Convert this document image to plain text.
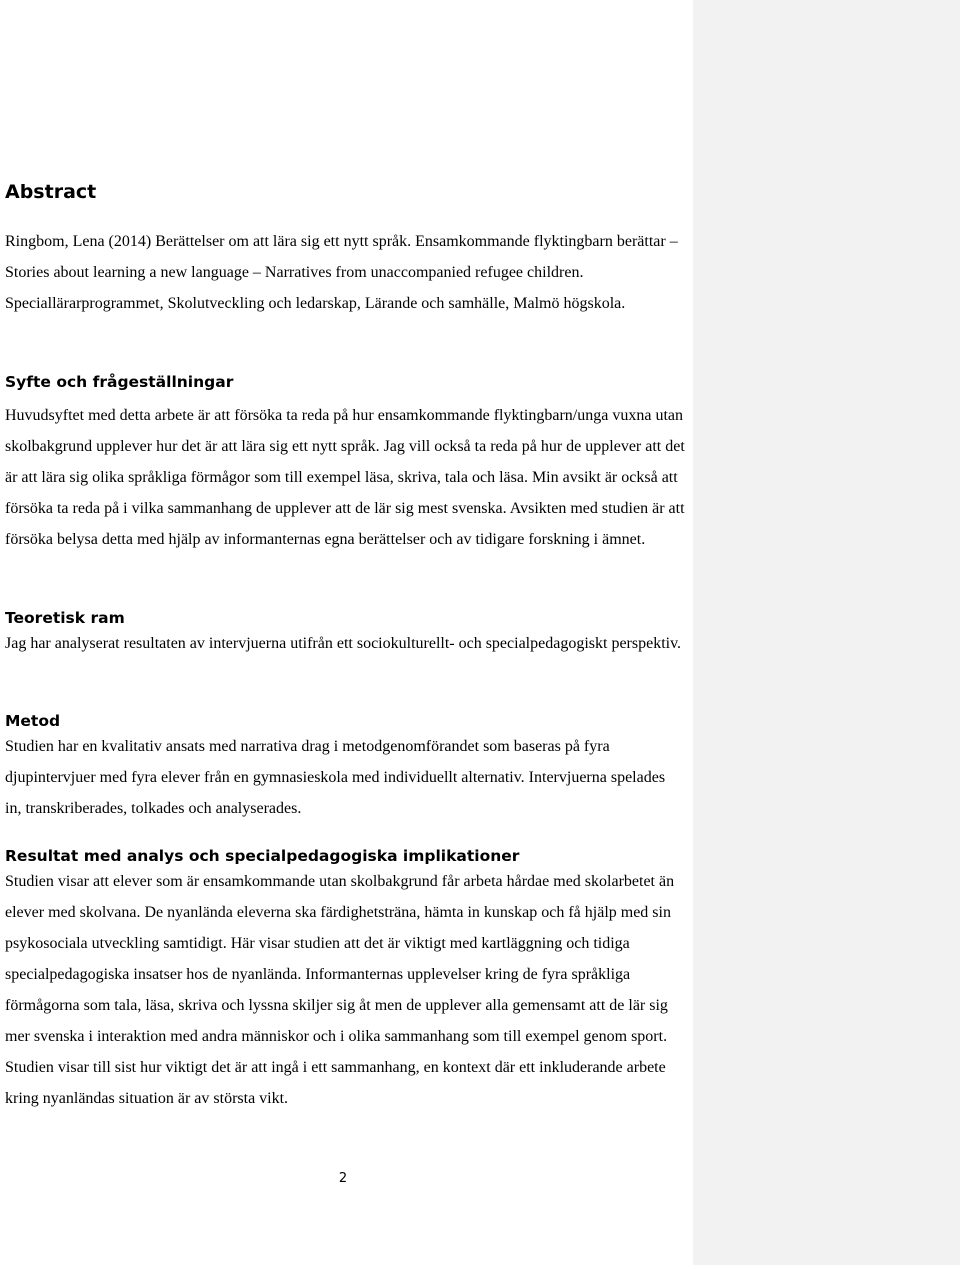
Abstract

Ringbom, Lena (2014) Berättelser om att lära sig ett nytt språk. Ensamkommande flyktingbarn berättar – Stories about learning a new language – Narratives from unaccompanied refugee children. Speciallärarprogrammet, Skolutveckling och ledarskap, Lärande och samhälle, Malmö högskola.

Syfte och frågeställningar

Huvudsyftet med detta arbete är att försöka ta reda på hur ensamkommande flyktingbarn/unga vuxna utan skolbakgrund upplever hur det är att lära sig ett nytt språk. Jag vill också ta reda på hur de upplever att det är att lära sig olika språkliga förmågor som till exempel läsa, skriva, tala och läsa. Min avsikt är också att försöka ta reda på i vilka sammanhang de upplever att de lär sig mest svenska. Avsikten med studien är att försöka belysa detta med hjälp av informanternas egna berättelser och av tidigare forskning i ämnet.

Teoretisk ram

Jag har analyserat resultaten av intervjuerna utifrån ett sociokulturellt- och specialpedagogiskt perspektiv.

Metod

Studien har en kvalitativ ansats med narrativa drag i metodgenomförandet som baseras på fyra djupintervjuer med fyra elever från en gymnasieskola med individuellt alternativ. Intervjuerna spelades in, transkriberades, tolkades och analyserades.

Resultat med analys och specialpedagogiska implikationer

Studien visar att elever som är ensamkommande utan skolbakgrund får arbeta hårdae med skolarbetet än elever med skolvana. De nyanlända eleverna ska färdighetsträna, hämta in kunskap och få hjälp med sin psykosociala utveckling samtidigt. Här visar studien att det är viktigt med kartläggning och tidiga specialpedagogiska insatser hos de nyanlända. Informanternas upplevelser kring de fyra språkliga förmågorna som tala, läsa, skriva och lyssna skiljer sig åt men de upplever alla gemensamt att de lär sig mer svenska i interaktion med andra människor och i olika sammanhang som till exempel genom sport. Studien visar till sist hur viktigt det är att ingå i ett sammanhang, en kontext där ett inkluderande arbete kring nyanländas situation är av största vikt.

2
